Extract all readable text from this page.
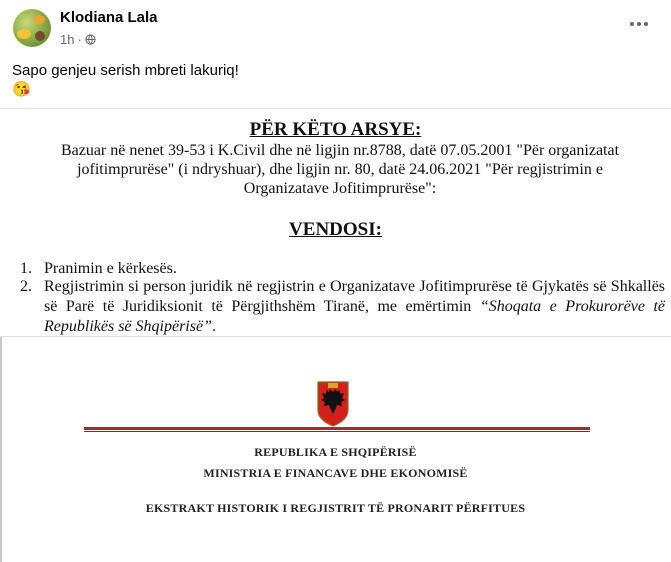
Klodiana Lala
1h ·
Sapo genjeu serish mbreti lakuriq!
😘
PËR KËTO ARSYE:
Bazuar në nenet 39-53 i K.Civil dhe në ligjin nr.8788, datë 07.05.2001 "Për organizatat
jofitimprurëse" (i ndryshuar), dhe ligjin nr. 80, datë 24.06.2021 "Për regjistrimin e
Organizatave Jofitimprurëse":
VENDOSI:
1. Pranimin e kërkesës.
2. Regjistrimin si person juridik në regjistrin e Organizatave Jofitimprurëse të Gjykatës së Shkallës së Parë të Juridiksionit të Përgjithshëm Tiranë, me emërtimin “Shoqata e Prokurorëve të Republikës së Shqipërisë”.
REPUBLIKA E SHQIPËRISË
MINISTRIA E FINANCAVE DHE EKONOMISË
EKSTRAKT HISTORIK I REGJISTRIT TË PRONARIT PËRFITUES
